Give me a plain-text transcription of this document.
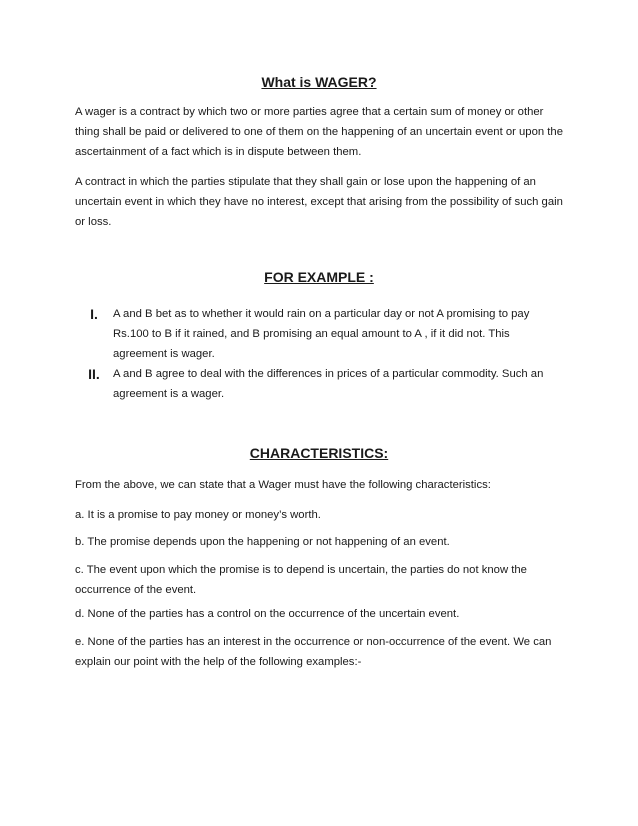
What is WAGER?

A wager is a contract by which two or more parties agree that a certain sum of money or other thing shall be paid or delivered to one of them on the happening of an uncertain event or upon the ascertainment of a fact which is in dispute between them.

A contract in which the parties stipulate that they shall gain or lose upon the happening of an uncertain event in which they have no interest, except that arising from the possibility of such gain or loss.

FOR EXAMPLE :
I.	A and B bet as to whether it would rain on a particular day or not A promising to pay Rs.100 to B if it rained, and B promising an equal amount to A , if it did not. This agreement is wager.
II.	A and B agree to deal with the differences in prices of a particular commodity. Such an agreement is a wager.
CHARACTERISTICS:

From the above, we can state that a Wager must have the following characteristics:

a. It is a promise to pay money or money’s worth.

b. The promise depends upon the happening or not happening of an event.

c. The event upon which the promise is to depend is uncertain, the parties do not know the occurrence of the event.

d. None of the parties has a control on the occurrence of the uncertain event.

e. None of the parties has an interest in the occurrence or non-occurrence of the event. We can explain our point with the help of the following examples:-
